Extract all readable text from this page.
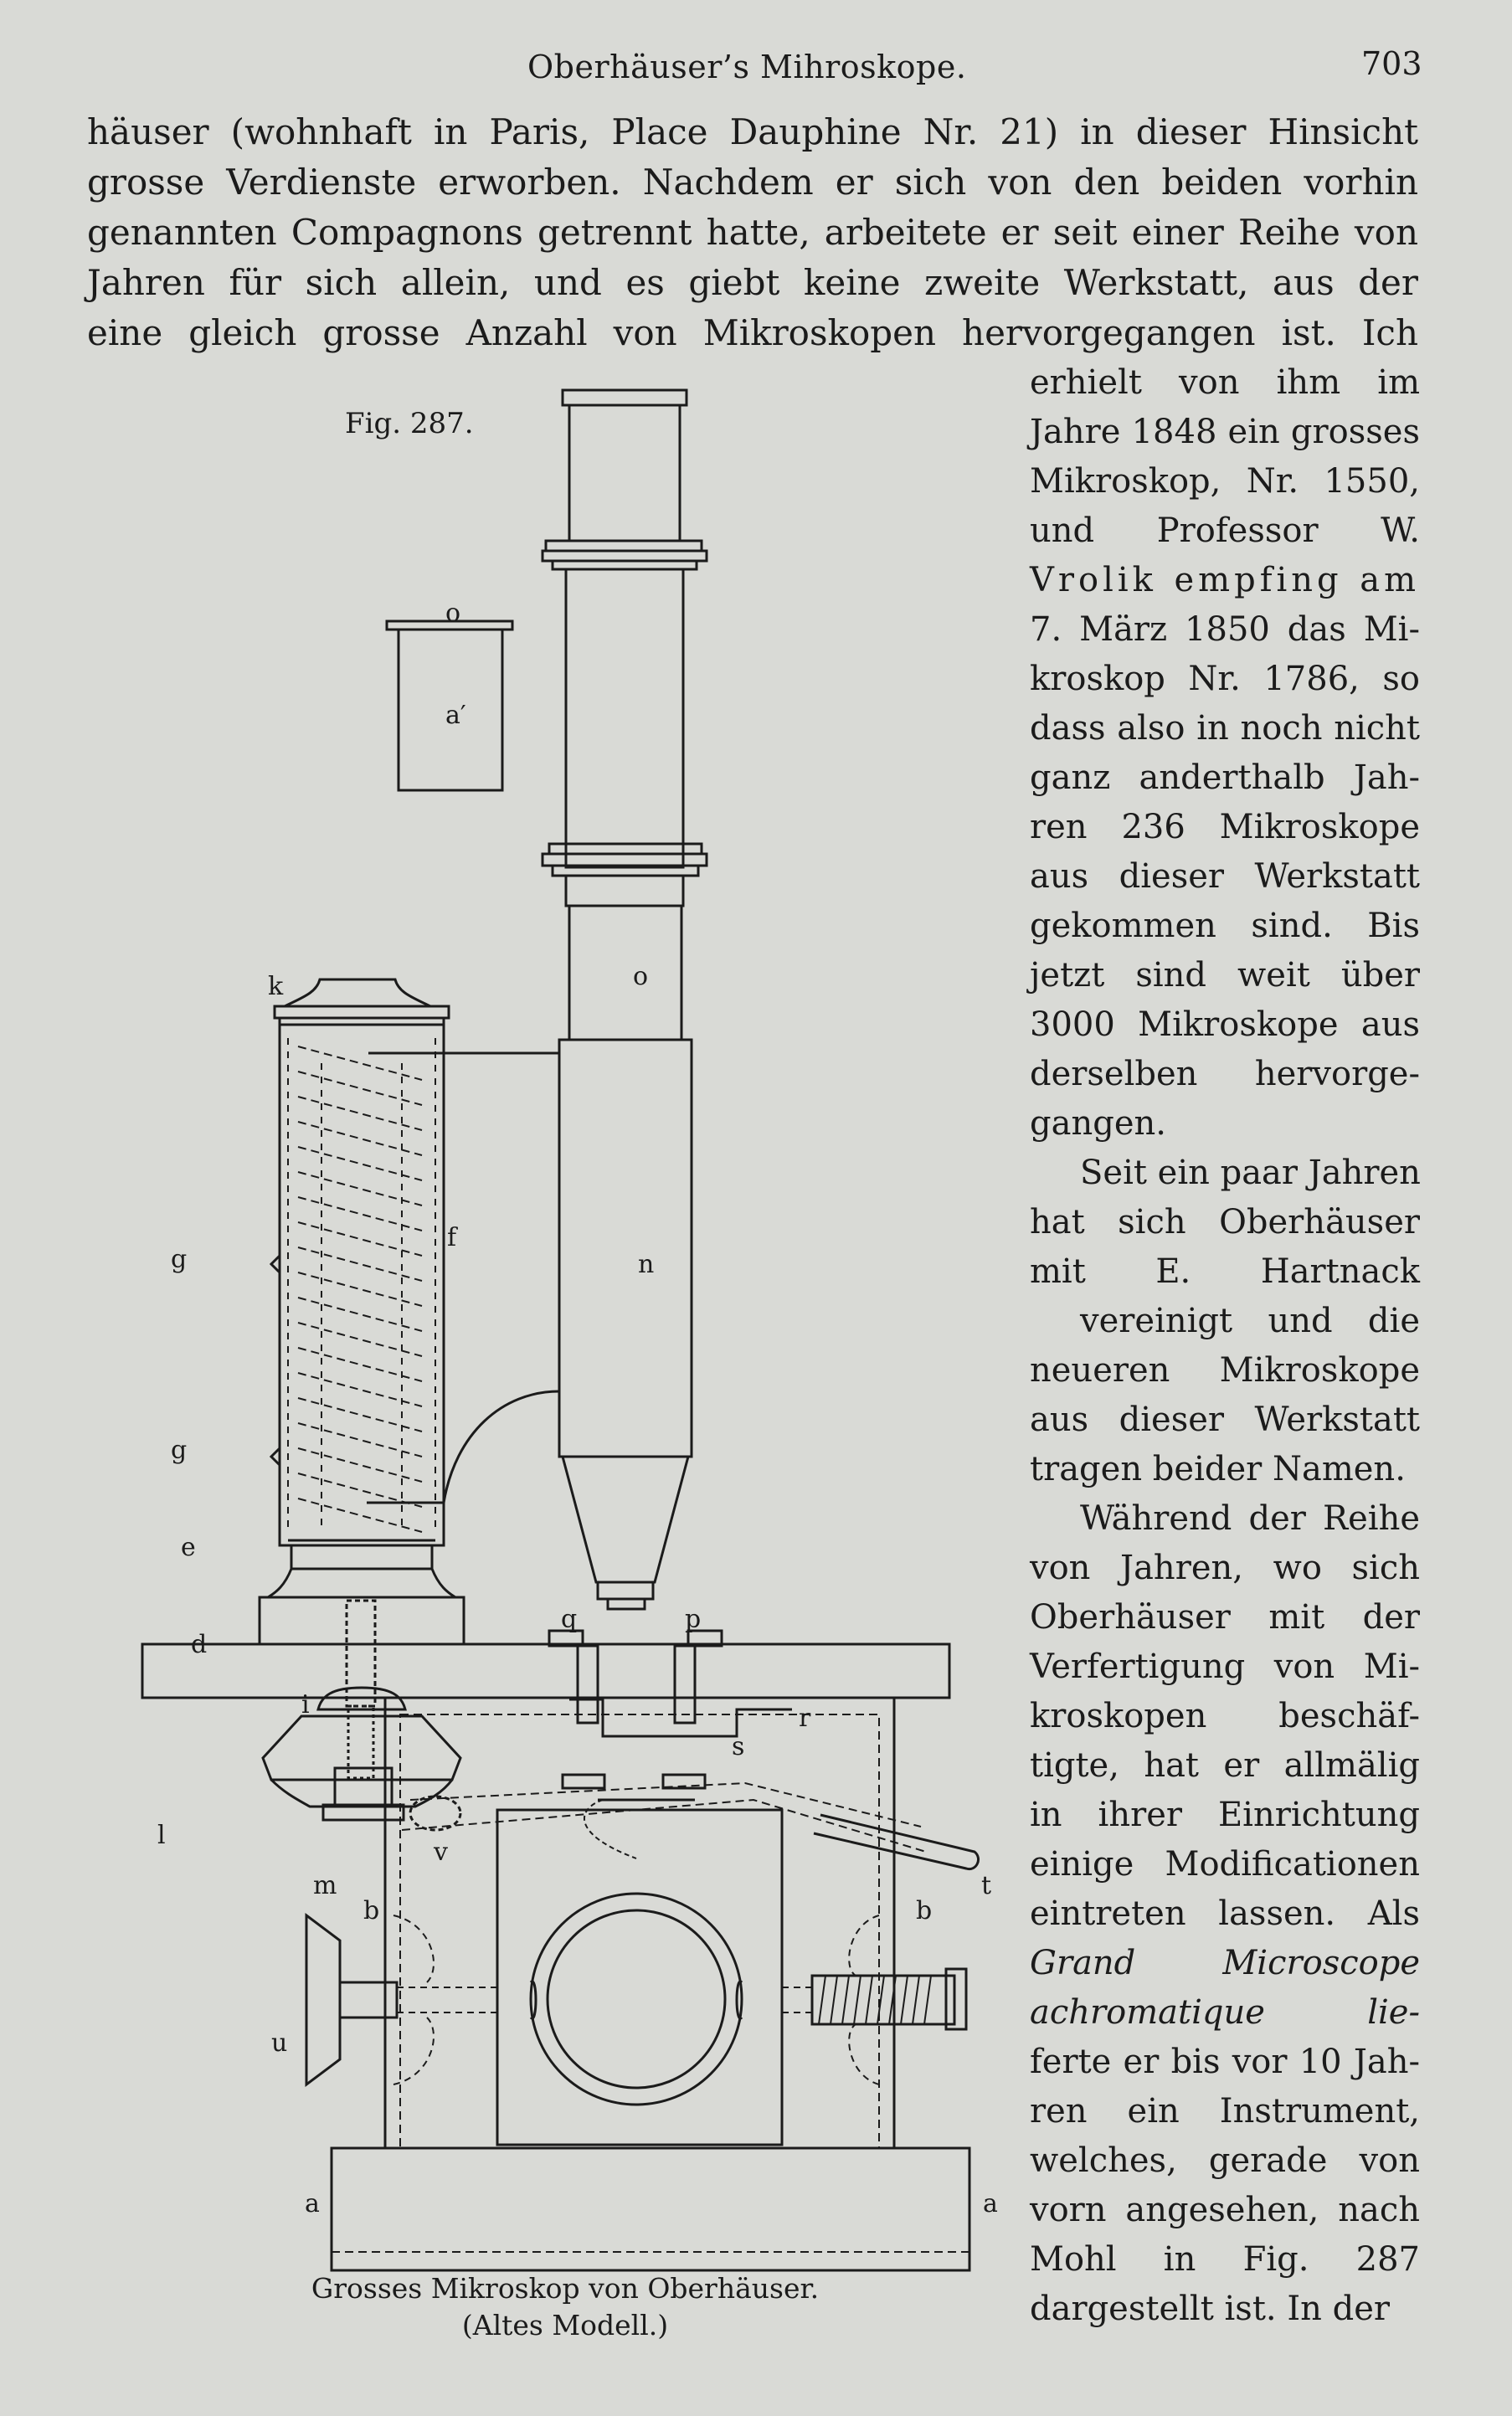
Oberhäuser’s Mihroskope.	703
häuser (wohnhaft in Paris, Place Dauphine Nr. 21) in dieser Hinsicht
grosse Verdienste erworben. Nachdem er sich von den beiden vorhin
genannten Compagnons getrennt hatte, arbeitete er seit einer Reihe von
Jahren für sich allein, und es giebt keine zweite Werkstatt, aus der
eine gleich grosse Anzahl von Mikroskopen hervorgegangen ist. Ich
erhielt von ihm im
Jahre 1848 ein grosses
Mikroskop, Nr. 1550,
und Professor W.
Vrolik empfing am
7. März 1850 das Mi-
kroskop Nr. 1786, so
dass also in noch nicht
ganz anderthalb Jah-
ren 236 Mikroskope
aus dieser Werkstatt
gekommen sind. Bis
jetzt sind weit über
3000 Mikroskope aus
derselben hervorge-
gangen.
Seit ein paar Jahren
hat sich Oberhäuser
mit E. Hartnack
vereinigt und die
neueren Mikroskope
aus dieser Werkstatt
tragen beider Namen.
Während der Reihe
von Jahren, wo sich
Oberhäuser mit der
Verfertigung von Mi-
kroskopen beschäf-
tigte, hat er allmälig
in ihrer Einrichtung
einige Modificationen
eintreten lassen. Als
Grand Microscope
achromatique lie-
ferte er bis vor 10 Jah-
ren ein Instrument,
welches, gerade von
vorn angesehen, nach
Mohl in Fig. 287
dargestellt ist. In der
Fig. 287.
o
a′
k	o
f
n
g
g
e
d
i
q	p
r
s
t
v
l
m
b	b
u
a	a
Grosses Mikroskop von Oberhäuser.
(Altes Modell.)
